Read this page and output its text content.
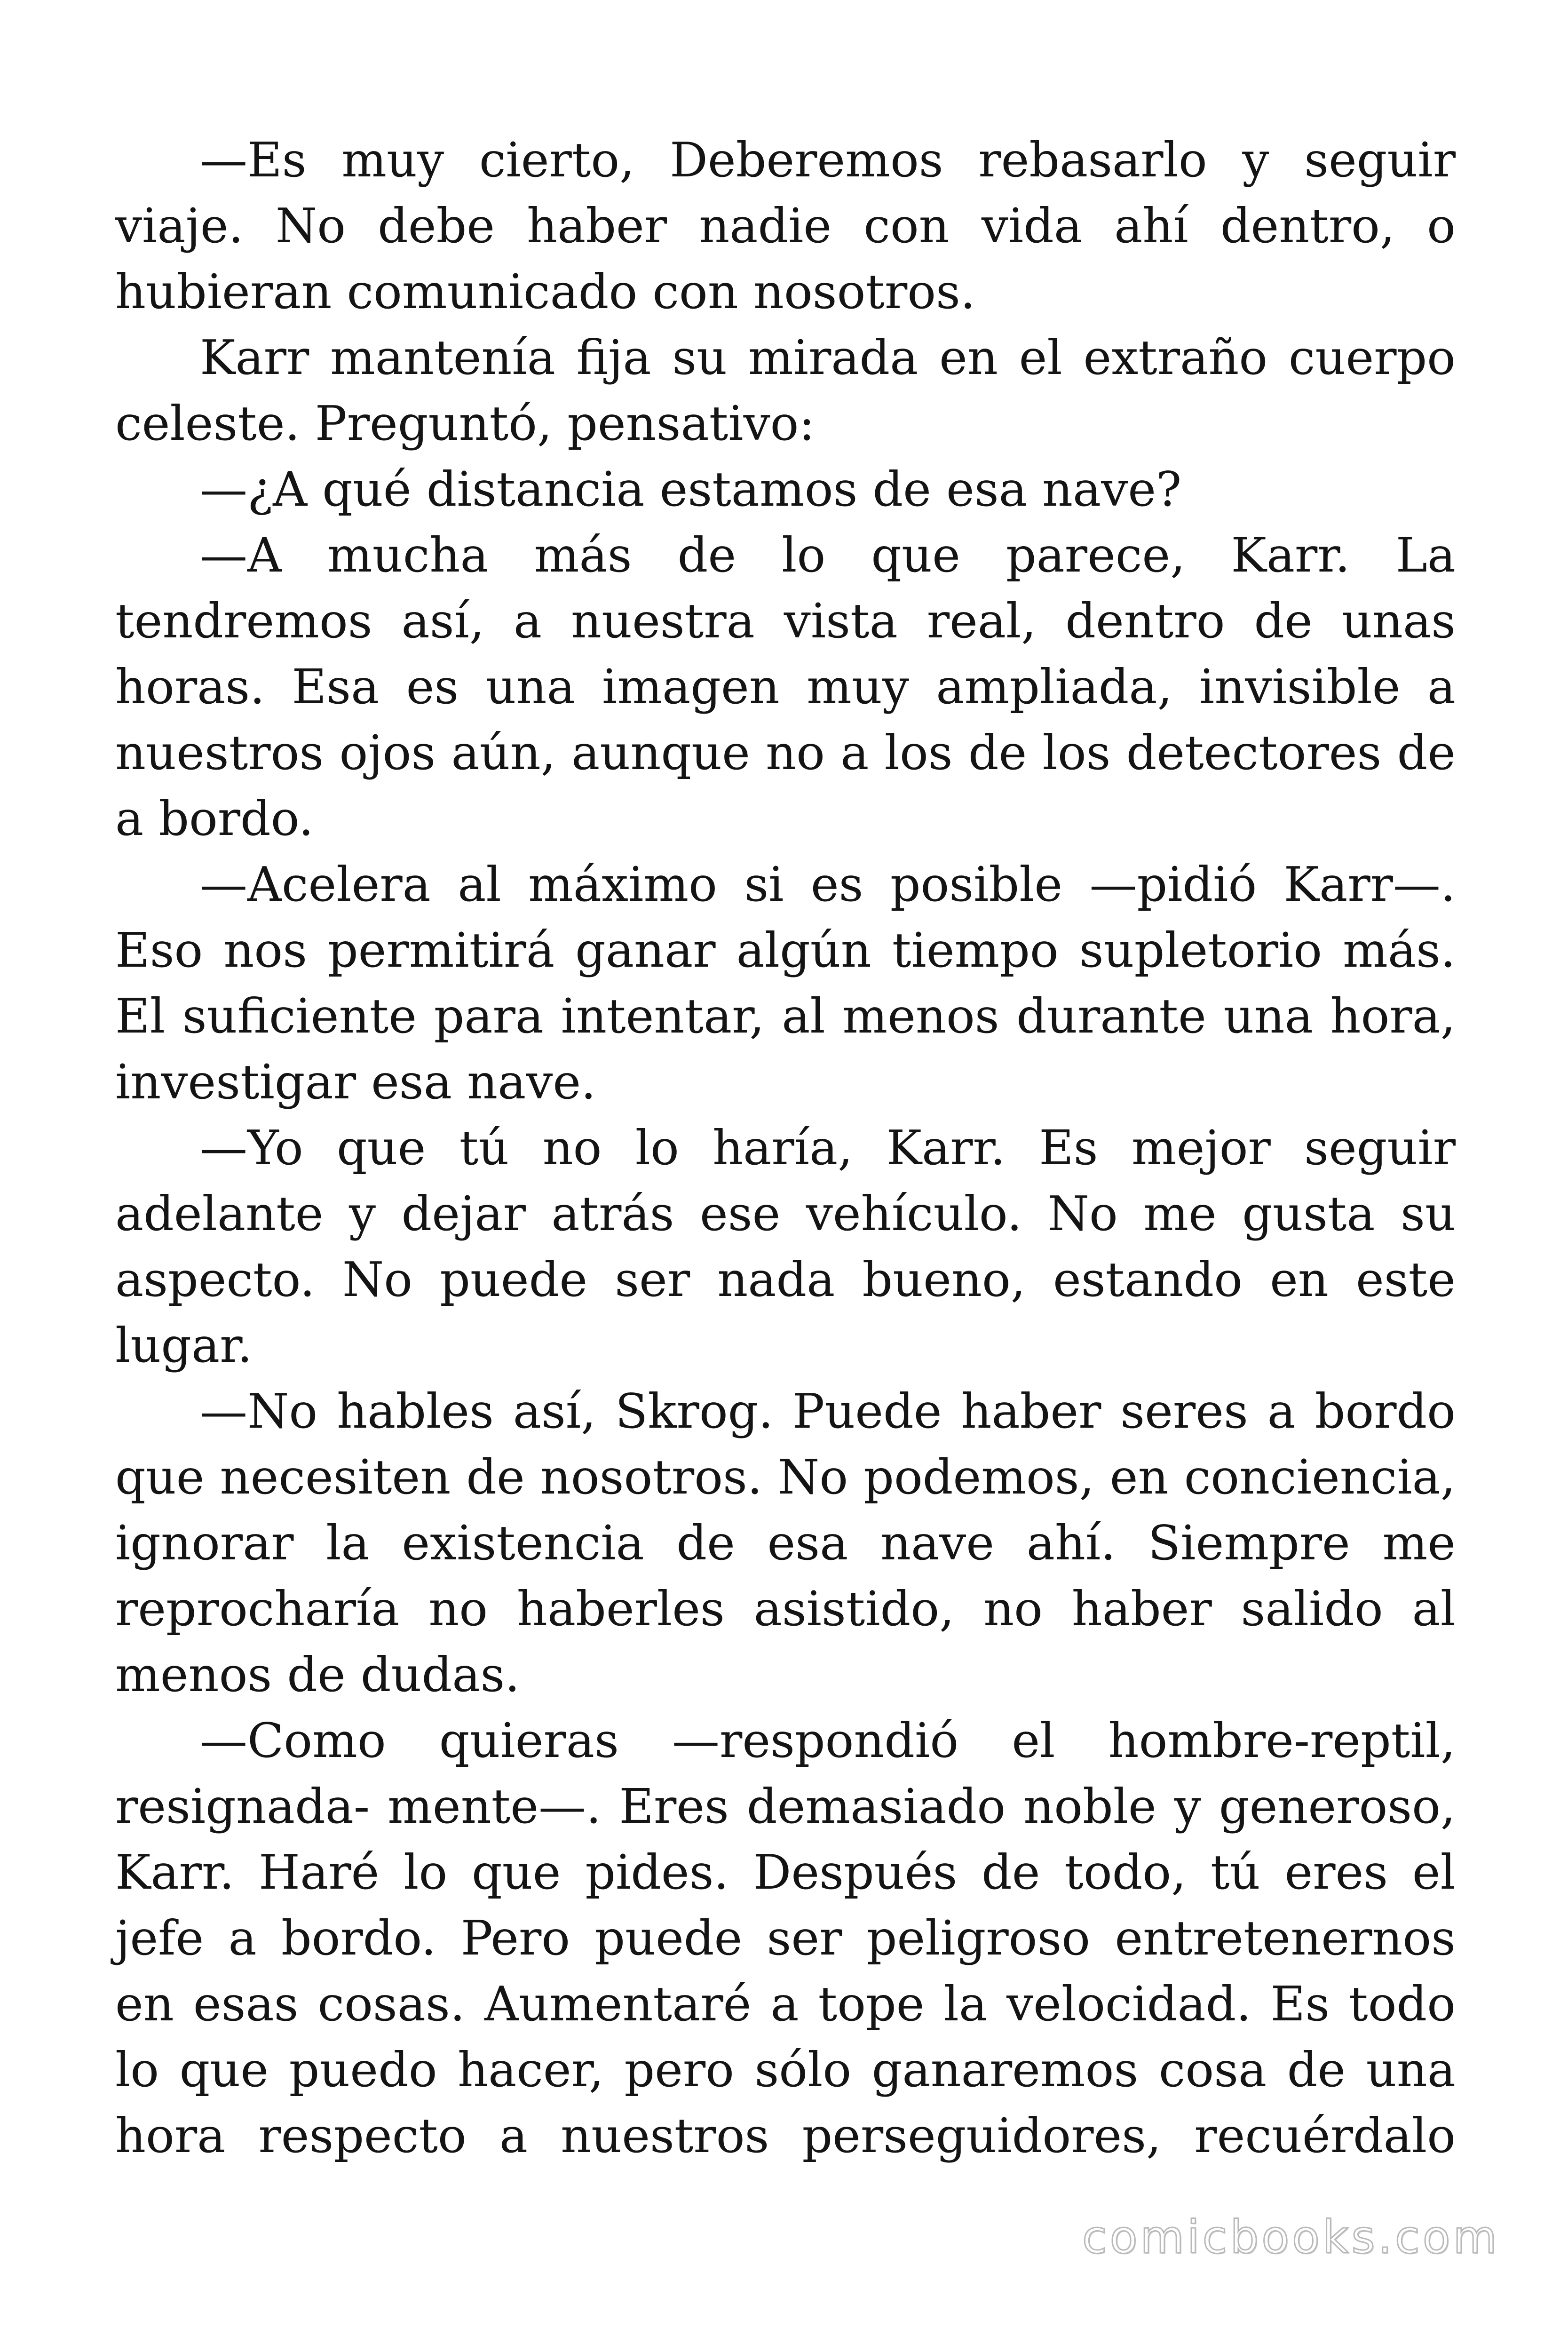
—Es muy cierto, Deberemos rebasarlo y seguir viaje. No debe haber nadie con vida ahí dentro, o hubieran comunicado con nosotros.

Karr mantenía fija su mirada en el extraño cuerpo celeste. Preguntó, pensativo:

—¿A qué distancia estamos de esa nave?

—A mucha más de lo que parece, Karr. La tendremos así, a nuestra vista real, dentro de unas horas. Esa es una imagen muy ampliada, invisible a nuestros ojos aún, aunque no a los de los detectores de a bordo.

—Acelera al máximo si es posible —pidió Karr—. Eso nos permitirá ganar algún tiempo supletorio más. El suficiente para intentar, al menos durante una hora, investigar esa nave.

—Yo que tú no lo haría, Karr. Es mejor seguir adelante y dejar atrás ese vehículo. No me gusta su aspecto. No puede ser nada bueno, estando en este lugar.

—No hables así, Skrog. Puede haber seres a bordo que necesiten de nosotros. No podemos, en conciencia, ignorar la existencia de esa nave ahí. Siempre me reprocharía no haberles asistido, no haber salido al menos de dudas.

—Como quieras —respondió el hombre-reptil, resignada- mente—. Eres demasiado noble y generoso, Karr. Haré lo que pides. Después de todo, tú eres el jefe a bordo. Pero puede ser peligroso entretenernos en esas cosas. Aumentaré a tope la velocidad. Es todo lo que puedo hacer, pero sólo ganaremos cosa de una hora respecto a nuestros perseguidores, recuérdalo

comicbooks.com
